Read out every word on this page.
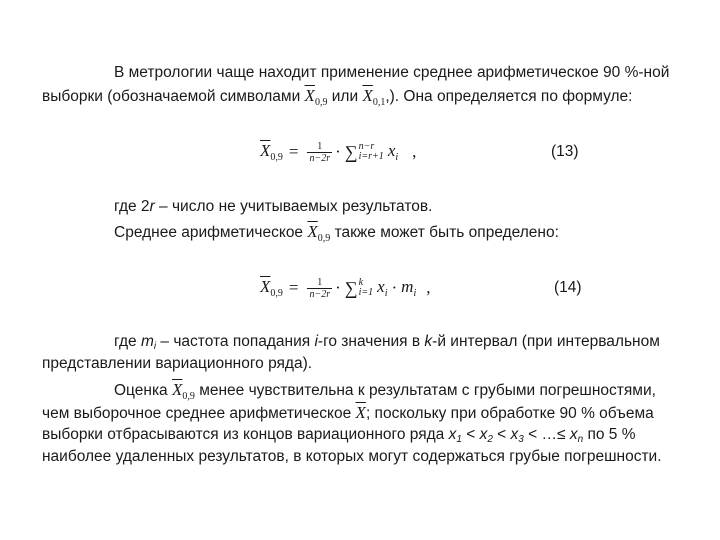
В метрологии чаще находит применение среднее арифметическое 90 %-ной
выборки (обозначаемой символами $\overline{X}_{0,9}$ или $\overline{X}_{0,1}$,). Она определяется по формуле:
$\overline{X}_{0,9} = \frac{1}{n-2r}$ · ∑ n−r
i=r+1 $x_i$ ,	(13)
где 2r – число не учитываемых результатов.
Среднее арифметическое $\overline{X}_{0,9}$ также может быть определено:
$\overline{X}_{0,9} = \frac{1}{n-2r}$ · ∑ k
i=1 $x_i \cdot m_i$ ,	(14)
где mi – частота попадания i-го значения в k-й интервал (при интервальном
представлении вариационного ряда).
Оценка $\overline{X}_{0,9}$ менее чувствительна к результатам с грубыми погрешностями,
чем выборочное среднее арифметическое $\overline{X}$; поскольку при обработке 90 % объема
выборки отбрасываются из концов вариационного ряда x1 < x2 < x3 < …≤ xn по 5 %
наиболее удаленных результатов, в которых могут содержаться грубые погрешности.
